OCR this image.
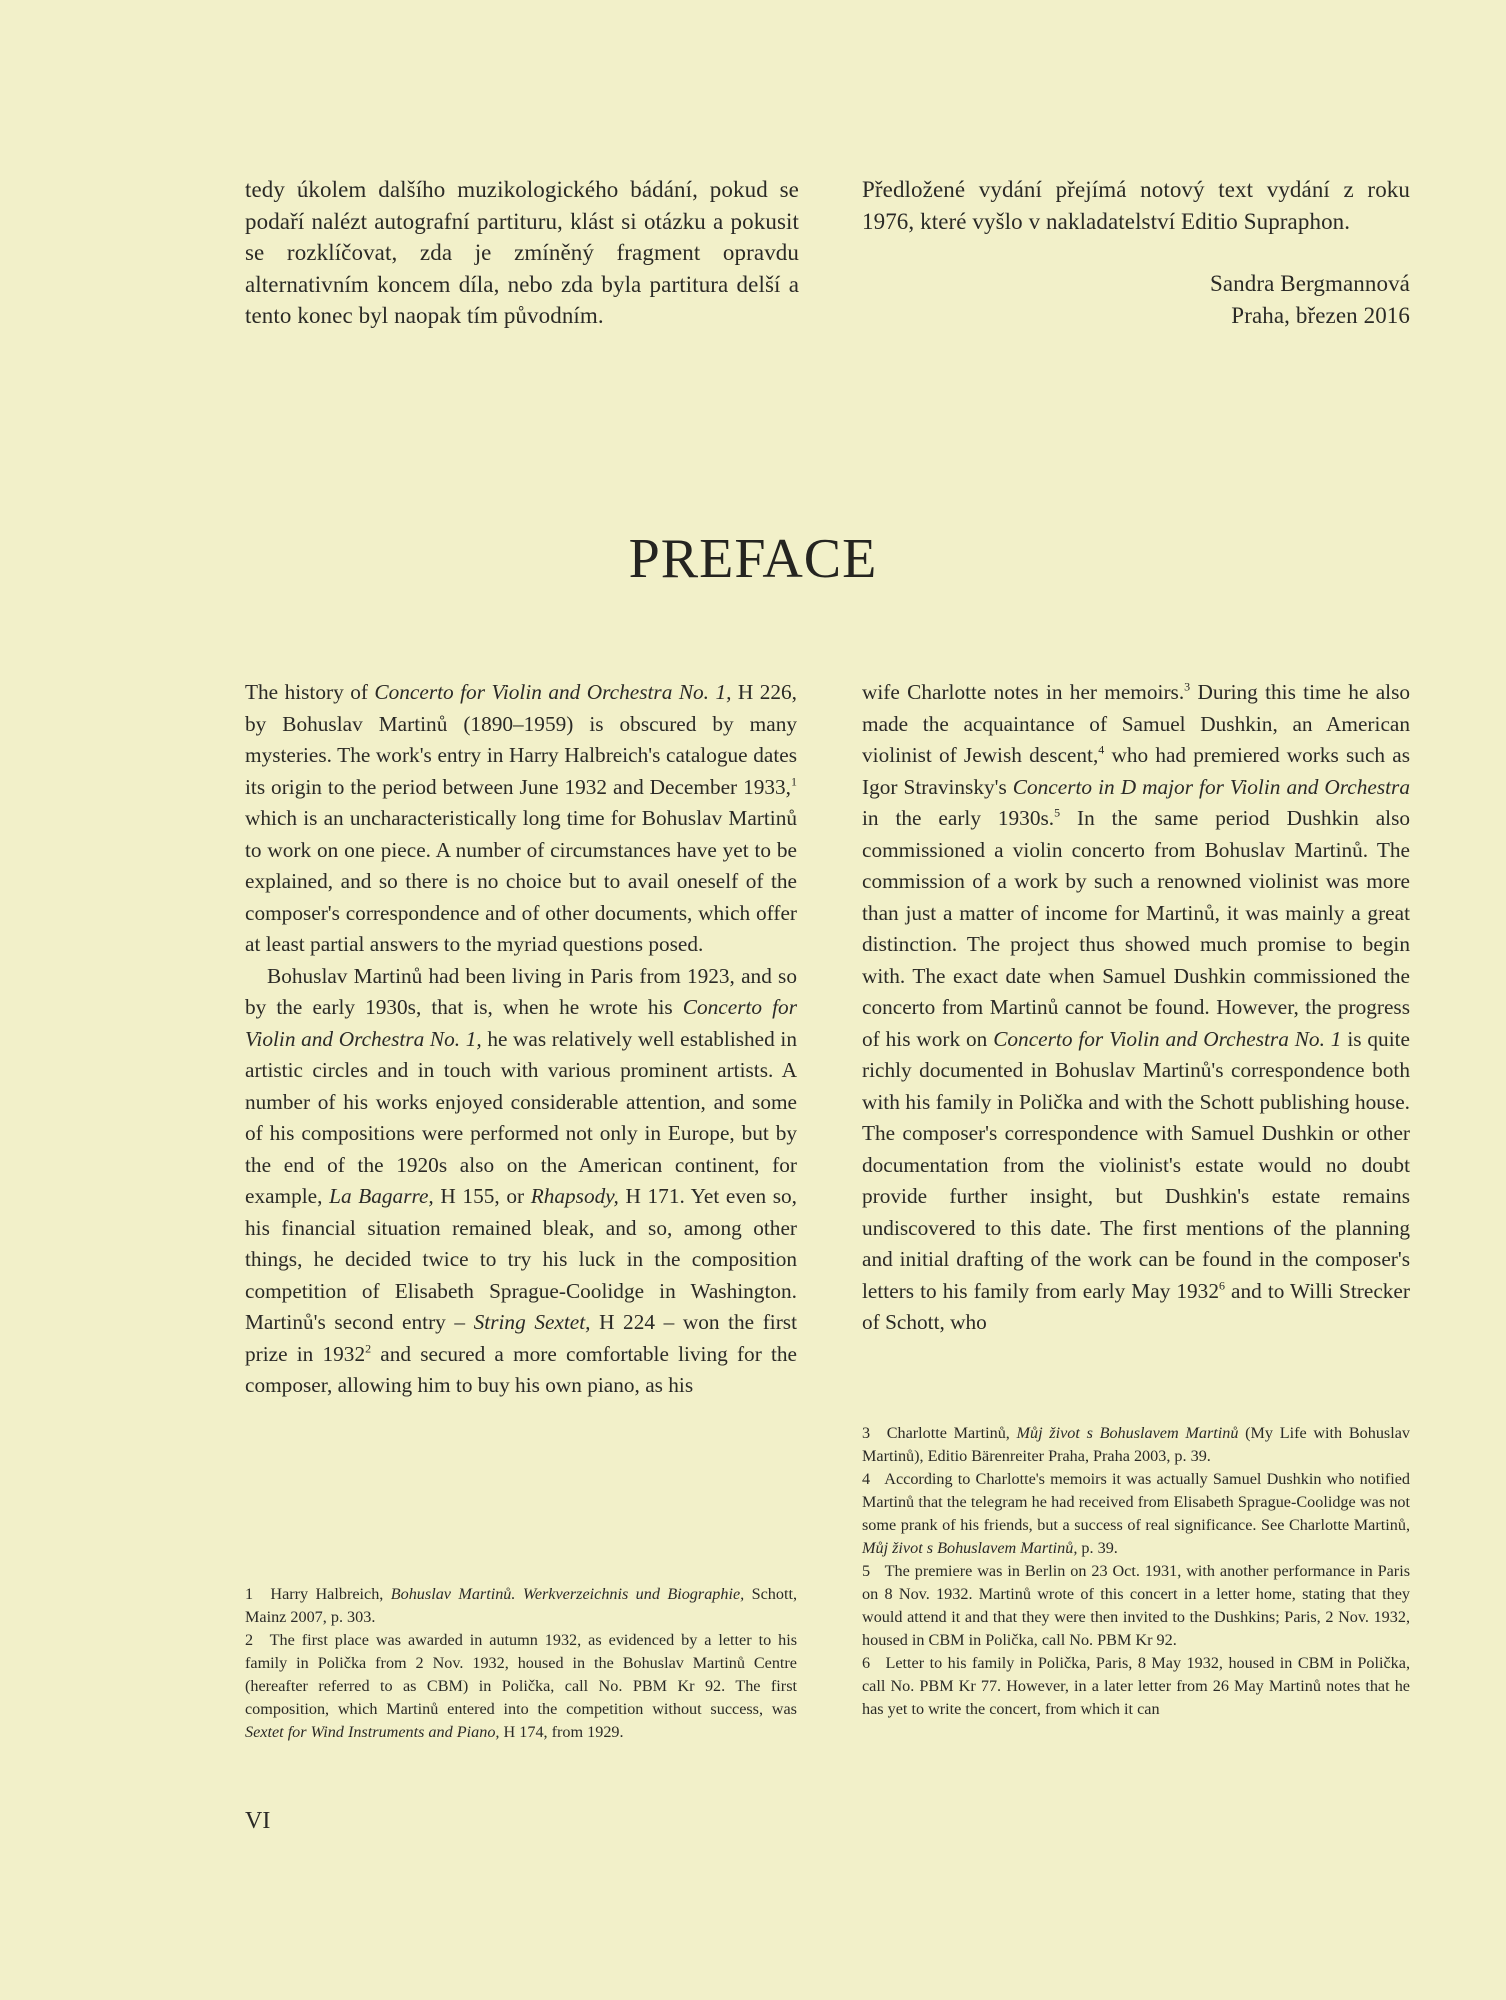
tedy úkolem dalšího muzikologického bádání, pokud se podaří nalézt autografní partituru, klást si otázku a pokusit se rozklíčovat, zda je zmíněný fragment opravdu alternativním koncem díla, nebo zda byla partitura delší a tento konec byl naopak tím původním.

Předložené vydání přejímá notový text vydání z roku 1976, které vyšlo v nakladatelství Editio Supraphon.

Sandra Bergmannová
Praha, březen 2016
PREFACE

The history of Concerto for Violin and Orchestra No. 1, H 226, by Bohuslav Martinů (1890–1959) is obscured by many mysteries. The work's entry in Harry Halbreich's catalogue dates its origin to the period between June 1932 and December 1933,$^1$ which is an uncharacteristically long time for Bohuslav Martinů to work on one piece. A number of circumstances have yet to be explained, and so there is no choice but to avail oneself of the composer's correspondence and of other documents, which offer at least partial answers to the myriad questions posed.

Bohuslav Martinů had been living in Paris from 1923, and so by the early 1930s, that is, when he wrote his Concerto for Violin and Orchestra No. 1, he was relatively well established in artistic circles and in touch with various prominent artists. A number of his works enjoyed considerable attention, and some of his compositions were performed not only in Europe, but by the end of the 1920s also on the American continent, for example, La Bagarre, H 155, or Rhapsody, H 171. Yet even so, his financial situation remained bleak, and so, among other things, he decided twice to try his luck in the composition competition of Elisabeth Sprague-Coolidge in Washington. Martinů's second entry – String Sextet, H 224 – won the first prize in 1932$^2$ and secured a more comfortable living for the composer, allowing him to buy his own piano, as his

wife Charlotte notes in her memoirs.$^3$ During this time he also made the acquaintance of Samuel Dushkin, an American violinist of Jewish descent,$^4$ who had premiered works such as Igor Stravinsky's Concerto in D major for Violin and Orchestra in the early 1930s.$^5$ In the same period Dushkin also commissioned a violin concerto from Bohuslav Martinů. The commission of a work by such a renowned violinist was more than just a matter of income for Martinů, it was mainly a great distinction. The project thus showed much promise to begin with. The exact date when Samuel Dushkin commissioned the concerto from Martinů cannot be found. However, the progress of his work on Concerto for Violin and Orchestra No. 1 is quite richly documented in Bohuslav Martinů's correspondence both with his family in Polička and with the Schott publishing house. The composer's correspondence with Samuel Dushkin or other documentation from the violinist's estate would no doubt provide further insight, but Dushkin's estate remains undiscovered to this date. The first mentions of the planning and initial drafting of the work can be found in the composer's letters to his family from early May 1932$^6$ and to Willi Strecker of Schott, who

1 Harry Halbreich, Bohuslav Martinů. Werkverzeichnis und Biographie, Schott, Mainz 2007, p. 303.

2 The first place was awarded in autumn 1932, as evidenced by a letter to his family in Polička from 2 Nov. 1932, housed in the Bohuslav Martinů Centre (hereafter referred to as CBM) in Polička, call No. PBM Kr 92. The first composition, which Martinů entered into the competition without success, was Sextet for Wind Instruments and Piano, H 174, from 1929.

3 Charlotte Martinů, Můj život s Bohuslavem Martinů (My Life with Bohuslav Martinů), Editio Bärenreiter Praha, Praha 2003, p. 39.

4 According to Charlotte's memoirs it was actually Samuel Dushkin who notified Martinů that the telegram he had received from Elisabeth Sprague-Coolidge was not some prank of his friends, but a success of real significance. See Charlotte Martinů, Můj život s Bohuslavem Martinů, p. 39.

5 The premiere was in Berlin on 23 Oct. 1931, with another performance in Paris on 8 Nov. 1932. Martinů wrote of this concert in a letter home, stating that they would attend it and that they were then invited to the Dushkins; Paris, 2 Nov. 1932, housed in CBM in Polička, call No. PBM Kr 92.

6 Letter to his family in Polička, Paris, 8 May 1932, housed in CBM in Polička, call No. PBM Kr 77. However, in a later letter from 26 May Martinů notes that he has yet to write the concert, from which it can

VI
